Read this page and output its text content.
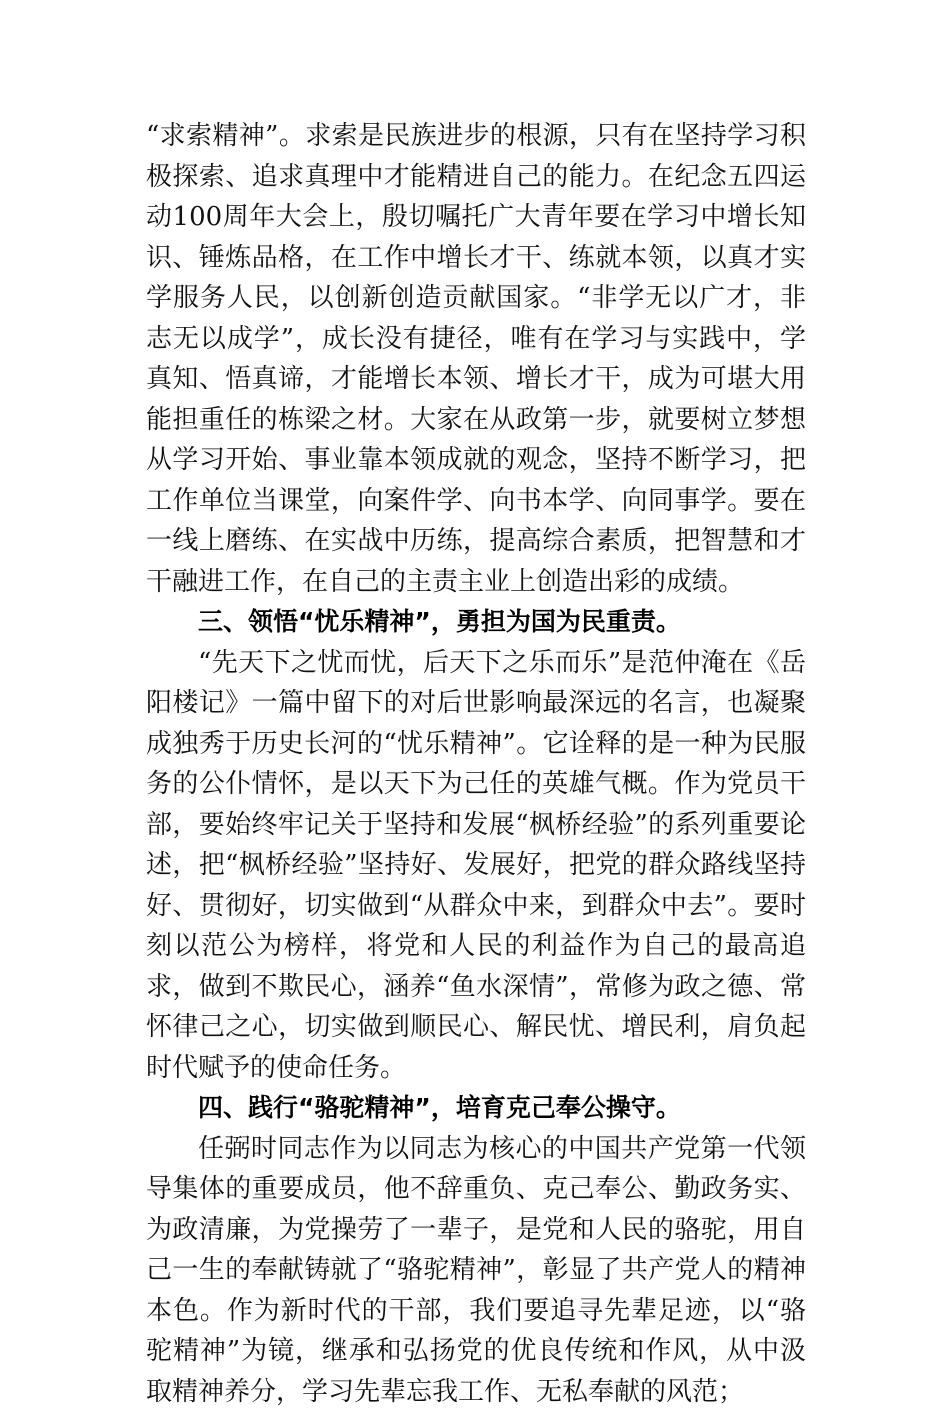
“求索精神”。求索是民族进步的根源，只有在坚持学习积极探索、追求真理中才能精进自己的能力。在纪念五四运动100周年大会上，殷切嘱托广大青年要在学习中增长知识、锤炼品格，在工作中增长才干、练就本领，以真才实学服务人民，以创新创造贡献国家。“非学无以广才，非志无以成学”，成长没有捷径，唯有在学习与实践中，学真知、悟真谛，才能增长本领、增长才干，成为可堪大用能担重任的栋梁之材。大家在从政第一步，就要树立梦想从学习开始、事业靠本领成就的观念，坚持不断学习，把工作单位当课堂，向案件学、向书本学、向同事学。要在一线上磨练、在实战中历练，提高综合素质，把智慧和才干融进工作，在自己的主责主业上创造出彩的成绩。

三、领悟“忧乐精神”，勇担为国为民重责。

“先天下之忧而忧，后天下之乐而乐”是范仲淹在《岳阳楼记》一篇中留下的对后世影响最深远的名言，也凝聚成独秀于历史长河的“忧乐精神”。它诠释的是一种为民服务的公仆情怀，是以天下为己任的英雄气概。作为党员干部，要始终牢记关于坚持和发展“枫桥经验”的系列重要论述，把“枫桥经验”坚持好、发展好，把党的群众路线坚持好、贯彻好，切实做到“从群众中来，到群众中去”。要时刻以范公为榜样，将党和人民的利益作为自己的最高追求，做到不欺民心，涵养“鱼水深情”，常修为政之德、常怀律己之心，切实做到顺民心、解民忧、增民利，肩负起时代赋予的使命任务。

四、践行“骆驼精神”，培育克己奉公操守。

任弼时同志作为以同志为核心的中国共产党第一代领导集体的重要成员，他不辞重负、克己奉公、勤政务实、为政清廉，为党操劳了一辈子，是党和人民的骆驼，用自己一生的奉献铸就了“骆驼精神”，彰显了共产党人的精神本色。作为新时代的干部，我们要追寻先辈足迹，以“骆驼精神”为镜，继承和弘扬党的优良传统和作风，从中汲取精神养分，学习先辈忘我工作、无私奉献的风范；
